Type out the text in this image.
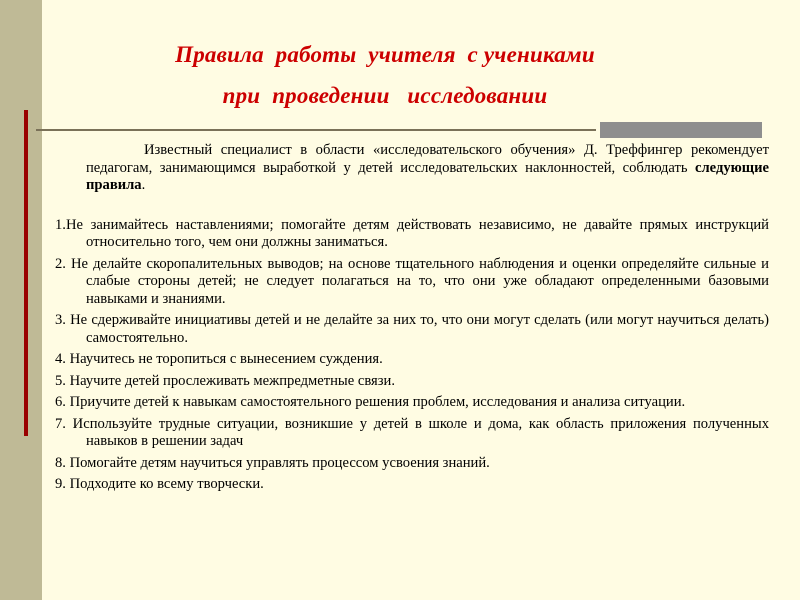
Правила  работы  учителя  с учениками
при  проведении   исследовании

Известный специалист в области «исследовательского обучения» Д. Треффингер рекомендует педагогам, занимающимся выработкой у детей исследовательских наклонностей, соблюдать следующие правила.

1.Не занимайтесь наставлениями; помогайте детям действовать независимо, не давайте прямых инструкций относительно того, чем они должны заниматься.

2. Не делайте скоропалительных выводов; на основе тщательного наблюдения и оценки определяйте сильные и слабые стороны детей; не следует полагаться на то, что они уже обладают определенными базовыми навыками и знаниями.

3. Не сдерживайте инициативы детей и не делайте за них то, что они могут сделать (или могут научиться делать) самостоятельно.

4. Научитесь не торопиться с вынесением суждения.

5. Научите детей прослеживать межпредметные связи.

6. Приучите детей к навыкам самостоятельного решения проблем, исследования и анализа ситуации.

7. Используйте трудные ситуации, возникшие у детей в школе и дома, как область приложения полученных навыков в решении задач

8. Помогайте детям научиться управлять процессом усвоения знаний.

9. Подходите ко всему творчески.
